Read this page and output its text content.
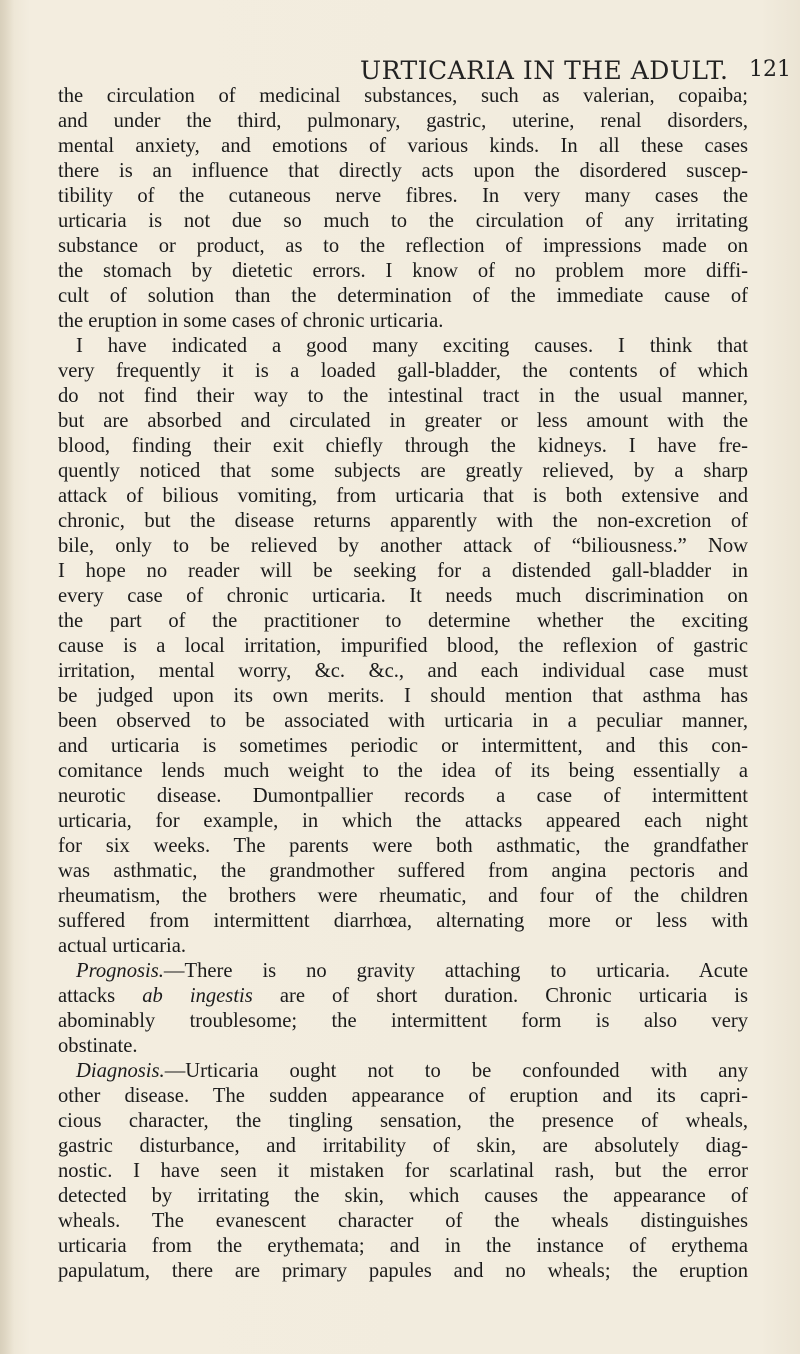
URTICARIA IN THE ADULT. 121
the circulation of medicinal substances, such as valerian, copaiba;
and under the third, pulmonary, gastric, uterine, renal disorders,
mental anxiety, and emotions of various kinds. In all these cases
there is an influence that directly acts upon the disordered suscep-
tibility of the cutaneous nerve fibres. In very many cases the
urticaria is not due so much to the circulation of any irritating
substance or product, as to the reflection of impressions made on
the stomach by dietetic errors. I know of no problem more diffi-
cult of solution than the determination of the immediate cause of
the eruption in some cases of chronic urticaria.
I have indicated a good many exciting causes. I think that
very frequently it is a loaded gall-bladder, the contents of which
do not find their way to the intestinal tract in the usual manner,
but are absorbed and circulated in greater or less amount with the
blood, finding their exit chiefly through the kidneys. I have fre-
quently noticed that some subjects are greatly relieved, by a sharp
attack of bilious vomiting, from urticaria that is both extensive and
chronic, but the disease returns apparently with the non-excretion of
bile, only to be relieved by another attack of “biliousness.” Now
I hope no reader will be seeking for a distended gall-bladder in
every case of chronic urticaria. It needs much discrimination on
the part of the practitioner to determine whether the exciting
cause is a local irritation, impurified blood, the reflexion of gastric
irritation, mental worry, &c. &c., and each individual case must
be judged upon its own merits. I should mention that asthma has
been observed to be associated with urticaria in a peculiar manner,
and urticaria is sometimes periodic or intermittent, and this con-
comitance lends much weight to the idea of its being essentially a
neurotic disease. Dumontpallier records a case of intermittent
urticaria, for example, in which the attacks appeared each night
for six weeks. The parents were both asthmatic, the grandfather
was asthmatic, the grandmother suffered from angina pectoris and
rheumatism, the brothers were rheumatic, and four of the children
suffered from intermittent diarrhœa, alternating more or less with
actual urticaria.
Prognosis.—There is no gravity attaching to urticaria. Acute
attacks ab ingestis are of short duration. Chronic urticaria is
abominably troublesome; the intermittent form is also very
obstinate.
Diagnosis.—Urticaria ought not to be confounded with any
other disease. The sudden appearance of eruption and its capri-
cious character, the tingling sensation, the presence of wheals,
gastric disturbance, and irritability of skin, are absolutely diag-
nostic. I have seen it mistaken for scarlatinal rash, but the error
detected by irritating the skin, which causes the appearance of
wheals. The evanescent character of the wheals distinguishes
urticaria from the erythemata; and in the instance of erythema
papulatum, there are primary papules and no wheals; the eruption
